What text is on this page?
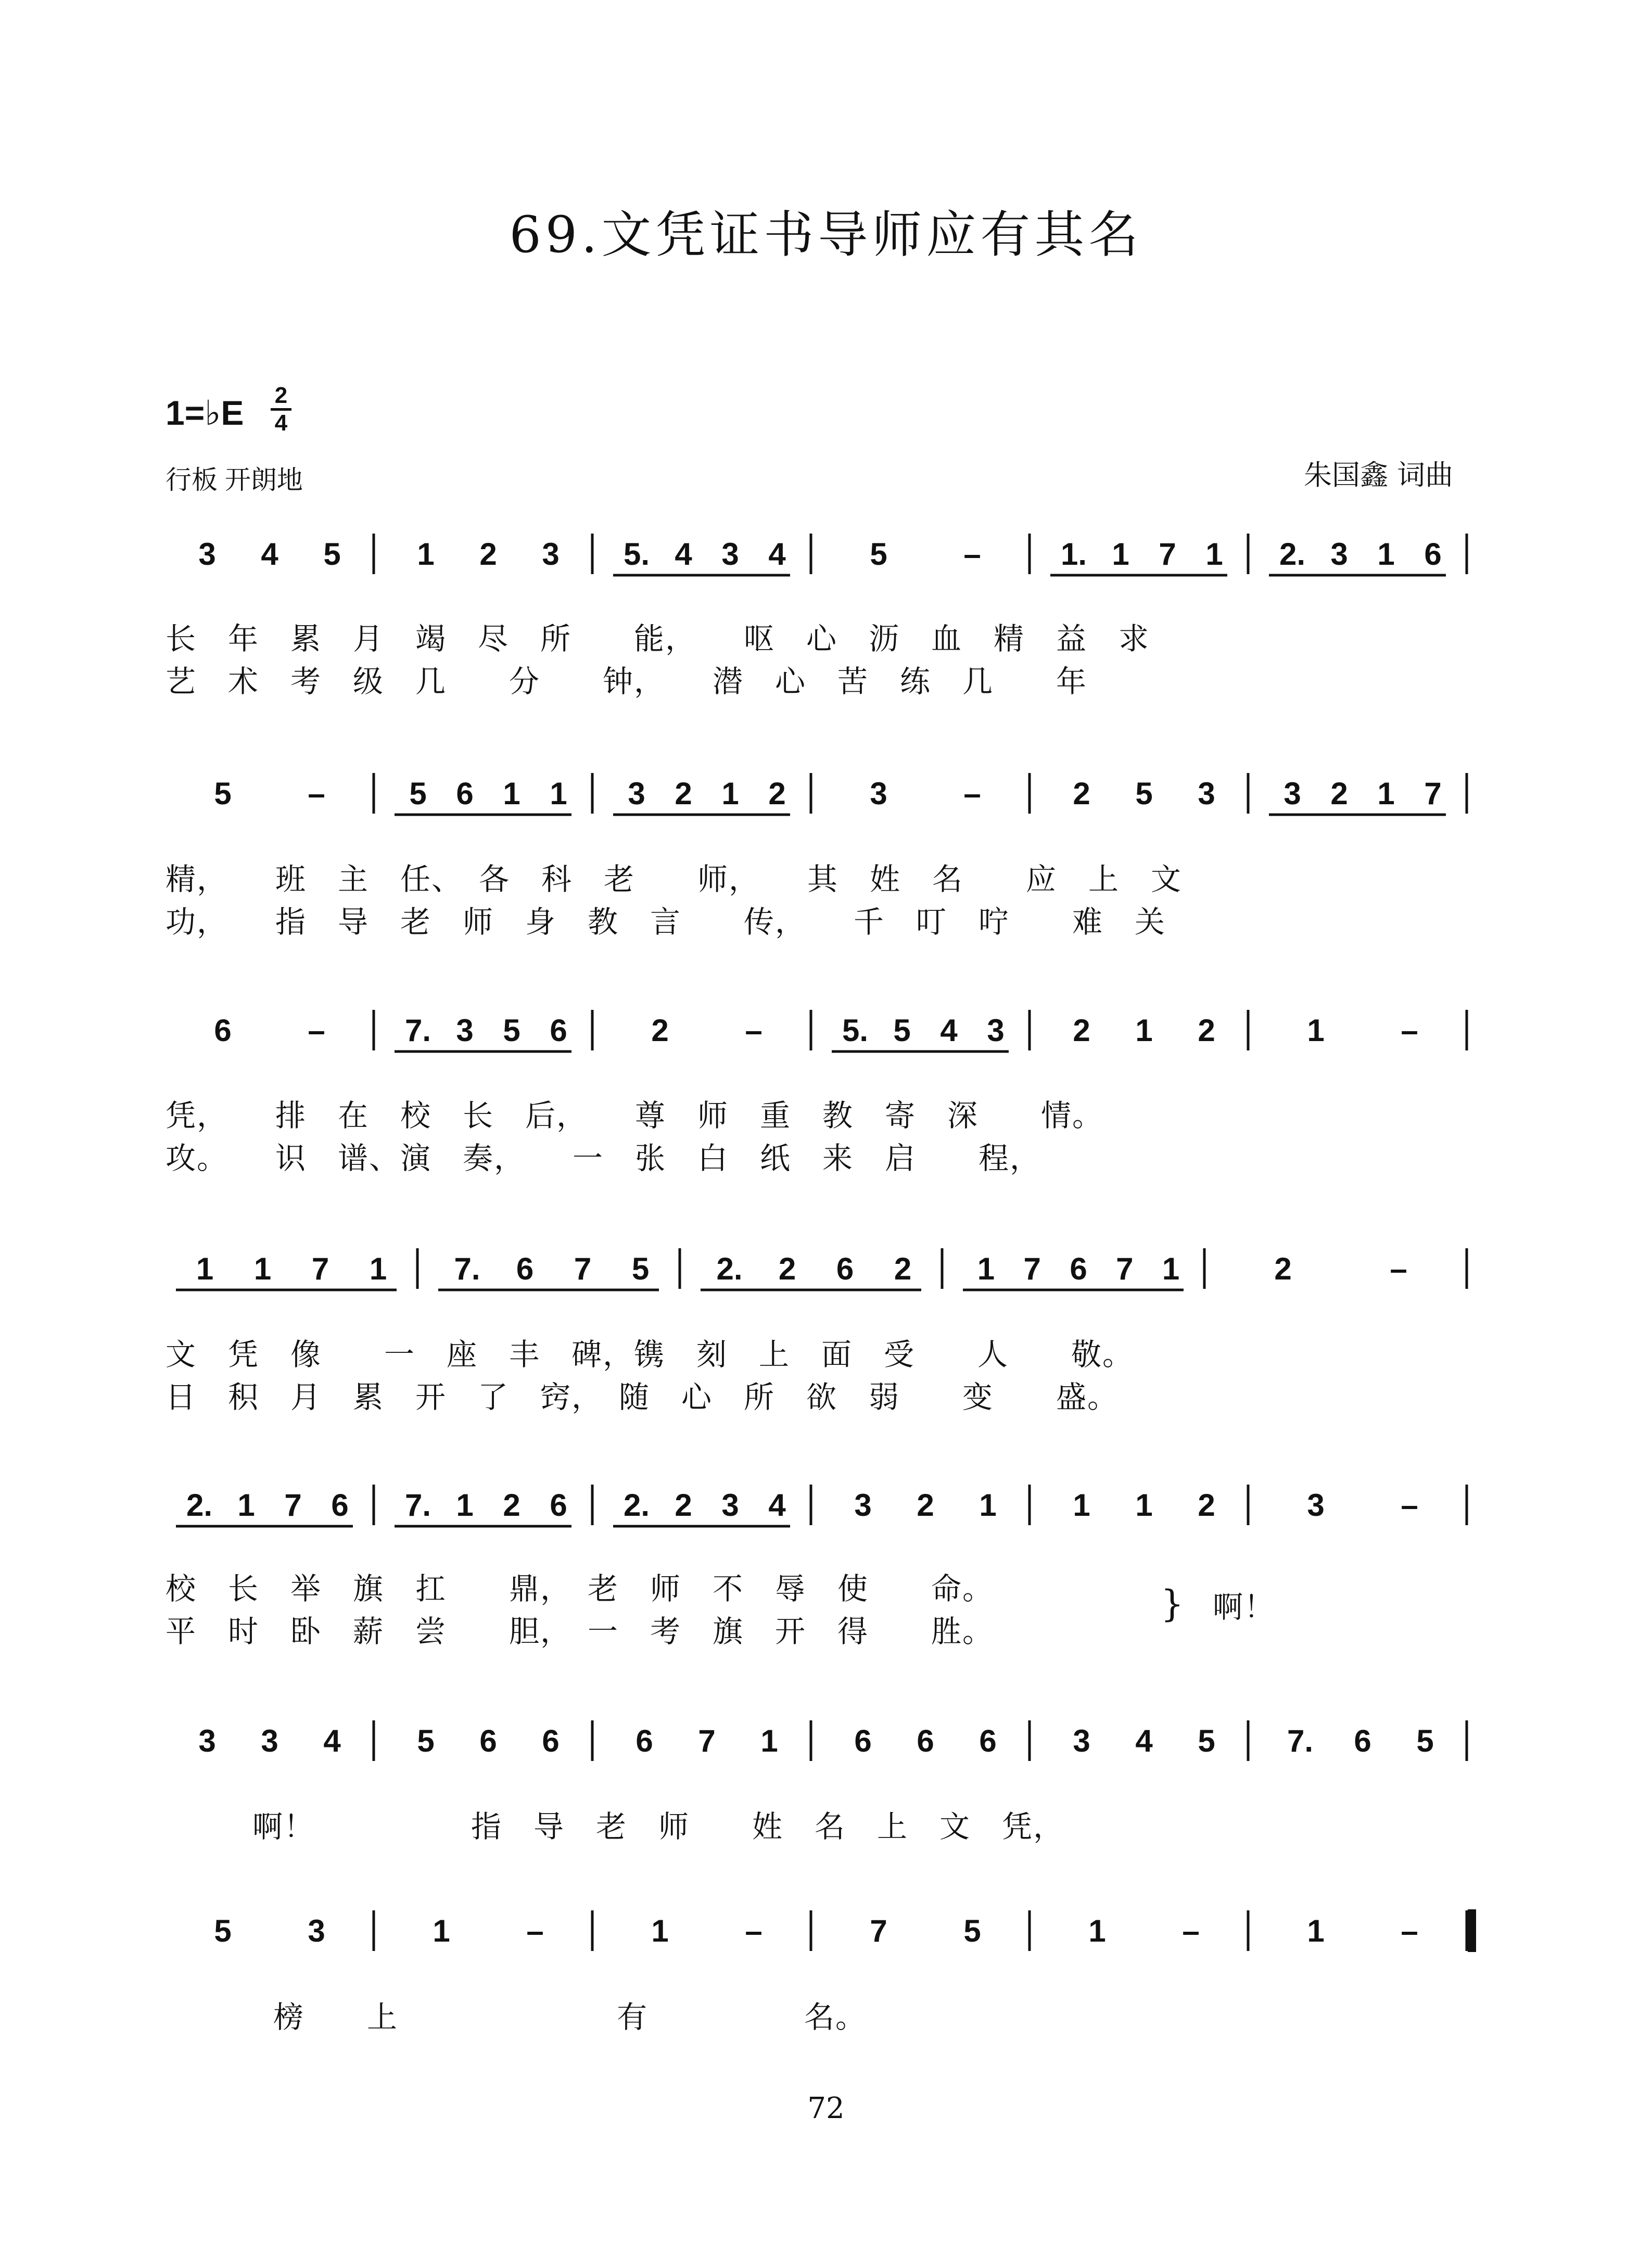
69.文凭证书导师应有其名
1=♭E 2
4
行板 开朗地	朱国鑫 词曲
3 4 5 1 2 3 5. 4 3 4	5 –	1. 1 7 1 2. 3 1 6
5 –	5 6 1 1 3 2 1 2	3 –	2 5 3 3 2 1 7
6 –	7. 3 5 6	2 –	5. 5 4 3 2 1 2	1 –
1 1 7 1 7. 6 7 5 2. 2 6 2 1 7 6 7 1	2	–
2. 1 7 6 7. 1 2 6 2. 2 3 4 3 2 1 1 1 2	3 –
3 3 4 5 6 6 6 7 1 6 6 6 3 4 5 7. 6 5
5 3	1 –	1 –	7 5	1 –	1 –
长　年　累　月　竭　尽　所　　能，　　呕　心　沥　血　精　益　求
艺　术　考　级　几　　分　　钟，　　潜　心　苦　练　几　　年
精，　　班　主　任、　各　科　老　　师，　　其　姓　名　　应　上　文
功，　　指　导　老　师　身　教　言　　传，　　千　叮　咛　　难　关
凭，　　排　在　校　长　后，　　尊　师　重　教　寄　深　　情。
攻。　　识　谱、演　奏，　　一　张　白　纸　来　启　　程，
文　凭　像　　一　座　丰　碑，镌　刻　上　面　受　　人　　敬。
日　积　月　累　开　了　窍，　随　心　所　欲　弱　　变　　盛。
校　长　举　旗　扛　　鼎，　老　师　不　辱　使　　命。
平　时　卧　薪　尝　　胆，　一　考　旗　开　得　　胜。
} 啊！
啊！　　　　　指　导　老　师　　姓　名　上　文　凭，
榜　　上　　　　　　　有　　　　　名。
72
